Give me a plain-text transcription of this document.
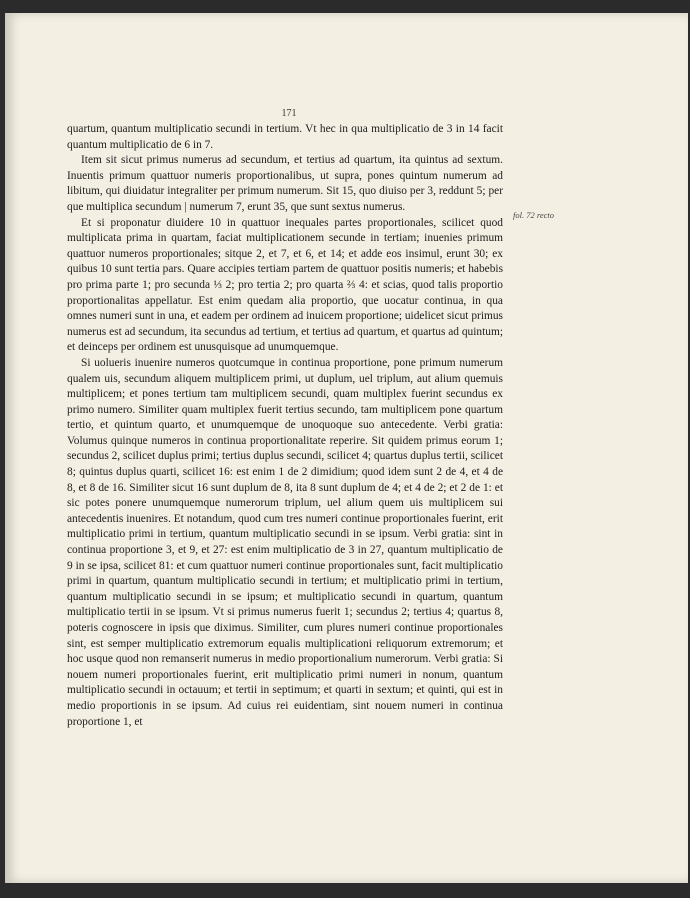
171

quartum, quantum multiplicatio secundi in tertium. Vt hec in qua multiplicatio de 3 in 14 facit quantum multiplicatio de 6 in 7.

Item sit sicut primus numerus ad secundum, et tertius ad quartum, ita quintus ad sextum. Inuentis primum quattuor numeris proportionalibus, ut supra, pones quintum numerum ad libitum, qui diuidatur integraliter per primum numerum. Sit 15, quo diuiso per 3, reddunt 5; per que multiplica secundum | numerum 7, erunt 35, que sunt sextus numerus.

Et si proponatur diuidere 10 in quattuor inequales partes proportionales, scilicet quod multiplicata prima in quartam, faciat multiplicationem secunde in tertiam; inuenies primum quattuor numeros proportionales; sitque 2, et 7, et 6, et 14; et adde eos insimul, erunt 30; ex quibus 10 sunt tertia pars. Quare accipies tertiam partem de quattuor positis numeris; et habebis pro prima parte 1; pro secunda ⅓ 2; pro tertia 2; pro quarta ⅔ 4: et scias, quod talis proportio proportionalitas appellatur. Est enim quedam alia proportio, que uocatur continua, in qua omnes numeri sunt in una, et eadem per ordinem ad inuicem proportione; uidelicet sicut primus numerus est ad secundum, ita secundus ad tertium, et tertius ad quartum, et quartus ad quintum; et deinceps per ordinem est unusquisque ad unumquemque.

Si uolueris inuenire numeros quotcumque in continua proportione, pone primum numerum qualem uis, secundum aliquem multiplicem primi, ut duplum, uel triplum, aut alium quemuis multiplicem; et pones tertium tam multiplicem secundi, quam multiplex fuerint secundus ex primo numero. Similiter quam multiplex fuerit tertius secundo, tam multiplicem pone quartum tertio, et quintum quarto, et unumquemque de unoquoque suo antecedente. Verbi gratia: Volumus quinque numeros in continua proportionalitate reperire. Sit quidem primus eorum 1; secundus 2, scilicet duplus primi; tertius duplus secundi, scilicet 4; quartus duplus tertii, scilicet 8; quintus duplus quarti, scilicet 16: est enim 1 de 2 dimidium; quod idem sunt 2 de 4, et 4 de 8, et 8 de 16. Similiter sicut 16 sunt duplum de 8, ita 8 sunt duplum de 4; et 4 de 2; et 2 de 1: et sic potes ponere unumquemque numerorum triplum, uel alium quem uis multiplicem sui antecedentis inuenires. Et notandum, quod cum tres numeri continue proportionales fuerint, erit multiplicatio primi in tertium, quantum multiplicatio secundi in se ipsum. Verbi gratia: sint in continua proportione 3, et 9, et 27: est enim multiplicatio de 3 in 27, quantum multiplicatio de 9 in se ipsa, scilicet 81: et cum quattuor numeri continue proportionales sunt, facit multiplicatio primi in quartum, quantum multiplicatio secundi in tertium; et multiplicatio primi in tertium, quantum multiplicatio secundi in se ipsum; et multiplicatio secundi in quartum, quantum multiplicatio tertii in se ipsum. Vt si primus numerus fuerit 1; secundus 2; tertius 4; quartus 8, poteris cognoscere in ipsis que diximus. Similiter, cum plures numeri continue proportionales sint, est semper multiplicatio extremorum equalis multiplicationi reliquorum extremorum; et hoc usque quod non remanserit numerus in medio proportionalium numerorum. Verbi gratia: Si nouem numeri proportionales fuerint, erit multiplicatio primi numeri in nonum, quantum multiplicatio secundi in octauum; et tertii in septimum; et quarti in sextum; et quinti, qui est in medio proportionis in se ipsum. Ad cuius rei euidentiam, sint nouem numeri in continua proportione 1, et

fol. 72 recto
